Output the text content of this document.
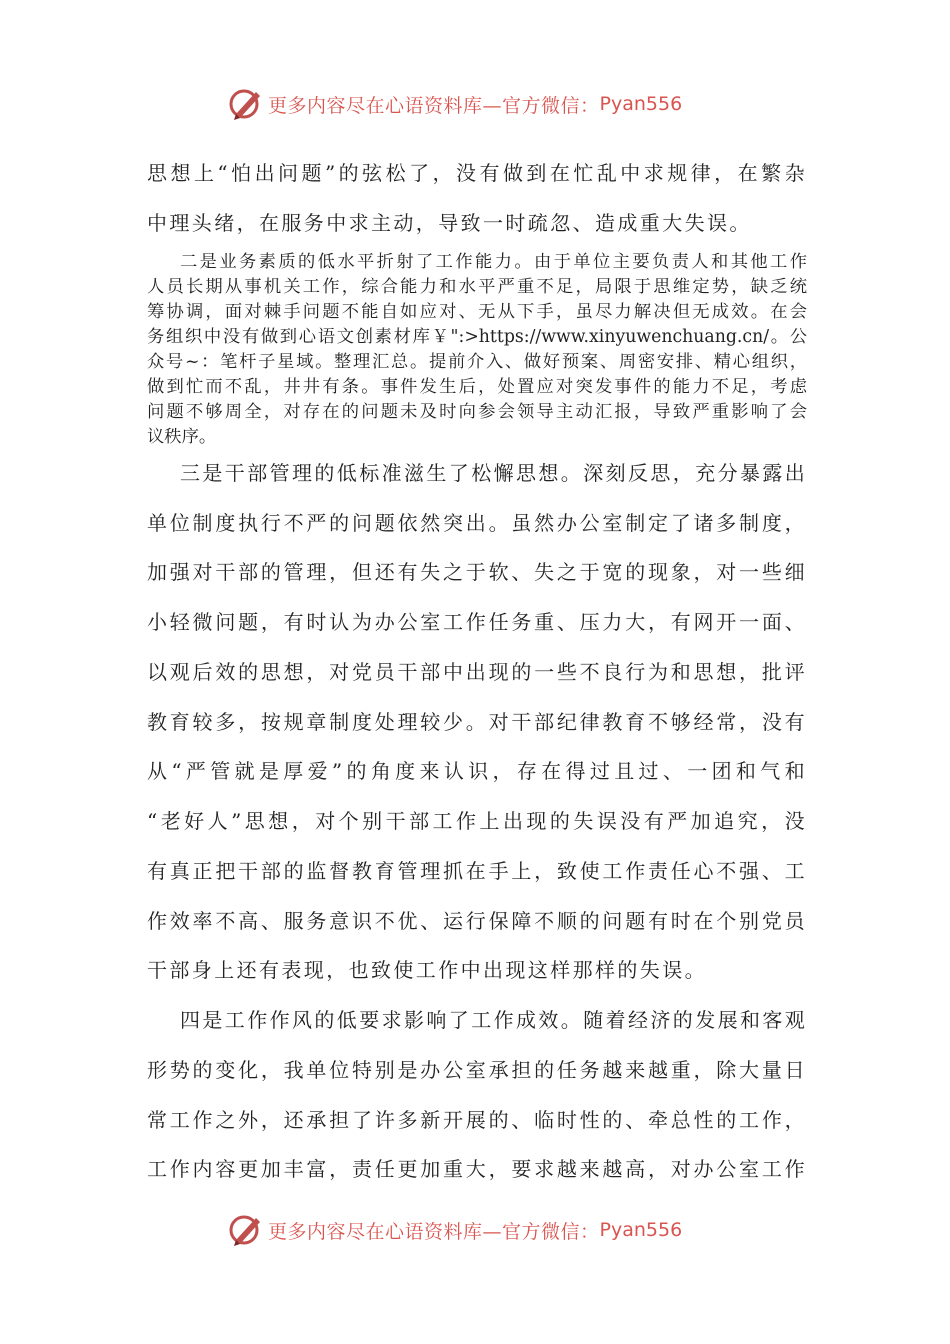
更多内容尽在心语资料库—官方微信： Pyan556
思想上“怕出问题”的弦松了，没有做到在忙乱中求规律，在繁杂
中理头绪，在服务中求主动，导致一时疏忽、造成重大失误。
二是业务素质的低水平折射了工作能力。由于单位主要负责人和其他工作
人员长期从事机关工作，综合能力和水平严重不足，局限于思维定势，缺乏统
筹协调，面对棘手问题不能自如应对、无从下手，虽尽力解决但无成效。在会
务组织中没有做到心语文创素材库￥":>https://www.xinyuwenchuang.cn/。公
众号~：笔杆子星域。整理汇总。提前介入、做好预案、周密安排、精心组织，
做到忙而不乱，井井有条。事件发生后，处置应对突发事件的能力不足，考虑
问题不够周全，对存在的问题未及时向参会领导主动汇报，导致严重影响了会
议秩序。
三是干部管理的低标准滋生了松懈思想。深刻反思，充分暴露出
单位制度执行不严的问题依然突出。虽然办公室制定了诸多制度，
加强对干部的管理，但还有失之于软、失之于宽的现象，对一些细
小轻微问题，有时认为办公室工作任务重、压力大，有网开一面、
以观后效的思想，对党员干部中出现的一些不良行为和思想，批评
教育较多，按规章制度处理较少。对干部纪律教育不够经常，没有
从“严管就是厚爱”的角度来认识，存在得过且过、一团和气和
“老好人”思想，对个别干部工作上出现的失误没有严加追究，没
有真正把干部的监督教育管理抓在手上，致使工作责任心不强、工
作效率不高、服务意识不优、运行保障不顺的问题有时在个别党员
干部身上还有表现，也致使工作中出现这样那样的失误。
四是工作作风的低要求影响了工作成效。随着经济的发展和客观
形势的变化，我单位特别是办公室承担的任务越来越重，除大量日
常工作之外，还承担了许多新开展的、临时性的、牵总性的工作，
工作内容更加丰富，责任更加重大，要求越来越高，对办公室工作
更多内容尽在心语资料库—官方微信： Pyan556
